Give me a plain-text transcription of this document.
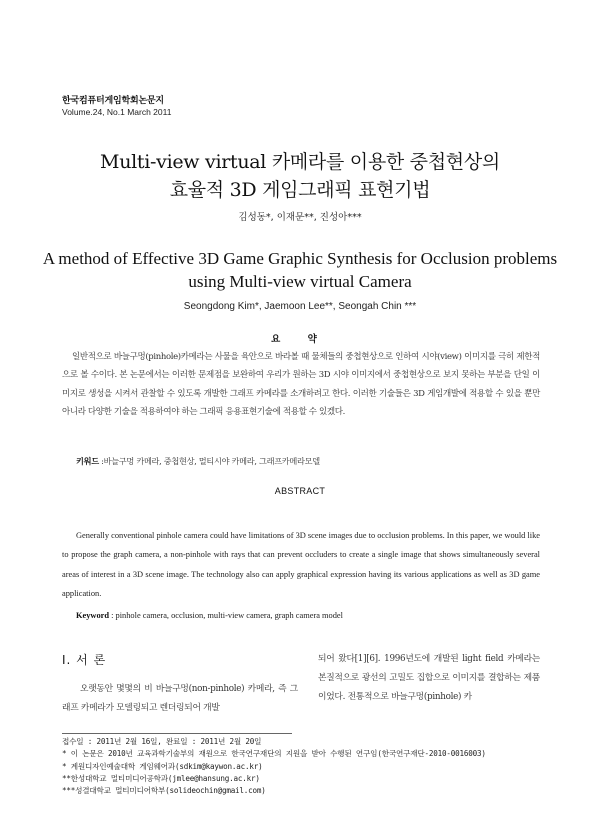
한국컴퓨터게임학회논문지
Volume.24, No.1 March 2011
Multi-view virtual 카메라를 이용한 중첩현상의
효율적 3D 게임그래픽 표현기법
김성동*, 이재문**, 진성아***
A method of Effective 3D Game Graphic Synthesis for Occlusion problems
using Multi-view virtual Camera
Seongdong Kim*, Jaemoon Lee**, Seongah Chin ***
요 약

일반적으로 바늘구멍(pinhole)카메라는 사물을 육안으로 바라볼 때 물체들의 중첩현상으로 인하여 시야(view) 이미지를 극히 제한적으로 볼 수이다. 본 논문에서는 이러한 문제점을 보완하여 우리가 원하는 3D 시야 이미지에서 중첩현상으로 보지 못하는 부분을 단일 이미지로 생성을 시켜서 관찰할 수 있도록 개발한 그래프 카메라를 소개하려고 한다. 이러한 기술들은 3D 게임개발에 적용할 수 있을 뿐만 아니라 다양한 기술을 적용하여야 하는 그래픽 응용표현기술에 적용할 수 있겠다.

키워드 :바늘구멍 카메라, 중첩현상, 멀티시야 카메라, 그래프카메라모델
ABSTRACT

Generally conventional pinhole camera could have limitations of 3D scene images due to occlusion problems. In this paper, we would like to propose the graph camera, a non-pinhole with rays that can prevent occluders to create a single image that shows simultaneously several areas of interest in a 3D scene image. The technology also can apply graphical expression having its various applications as well as 3D game application.

Keyword : pinhole camera, occlusion, multi-view camera, graph camera model
Ⅰ. 서 론

오랫동안 몇몇의 비 바늘구멍(non-pinhole) 카메라, 즉 그래프 카메라가 모델링되고 렌더링되어 개발

되어 왔다[1][6]. 1996년도에 개발된 light field 카메라는 본질적으로 광선의 고밀도 집합으로 이미지를 결합하는 제품이었다. 전통적으로 바늘구멍(pinhole) 카

접수일 : 2011년 2월 16일, 완료일 : 2011년 2월 20일
* 이 논문은 2010년 교육과학기술부의 재원으로 한국연구재단의 지원을 받아 수행된 연구임(한국연구재단-2010-0016003)
* 계원디자인예술대학 게임웨어과(sdkim@kaywon.ac.kr)
**한성대학교 멀티미디어공학과(jmlee@hansung.ac.kr)
***성결대학교 멀티미디어학부(solideochin@gmail.com)
